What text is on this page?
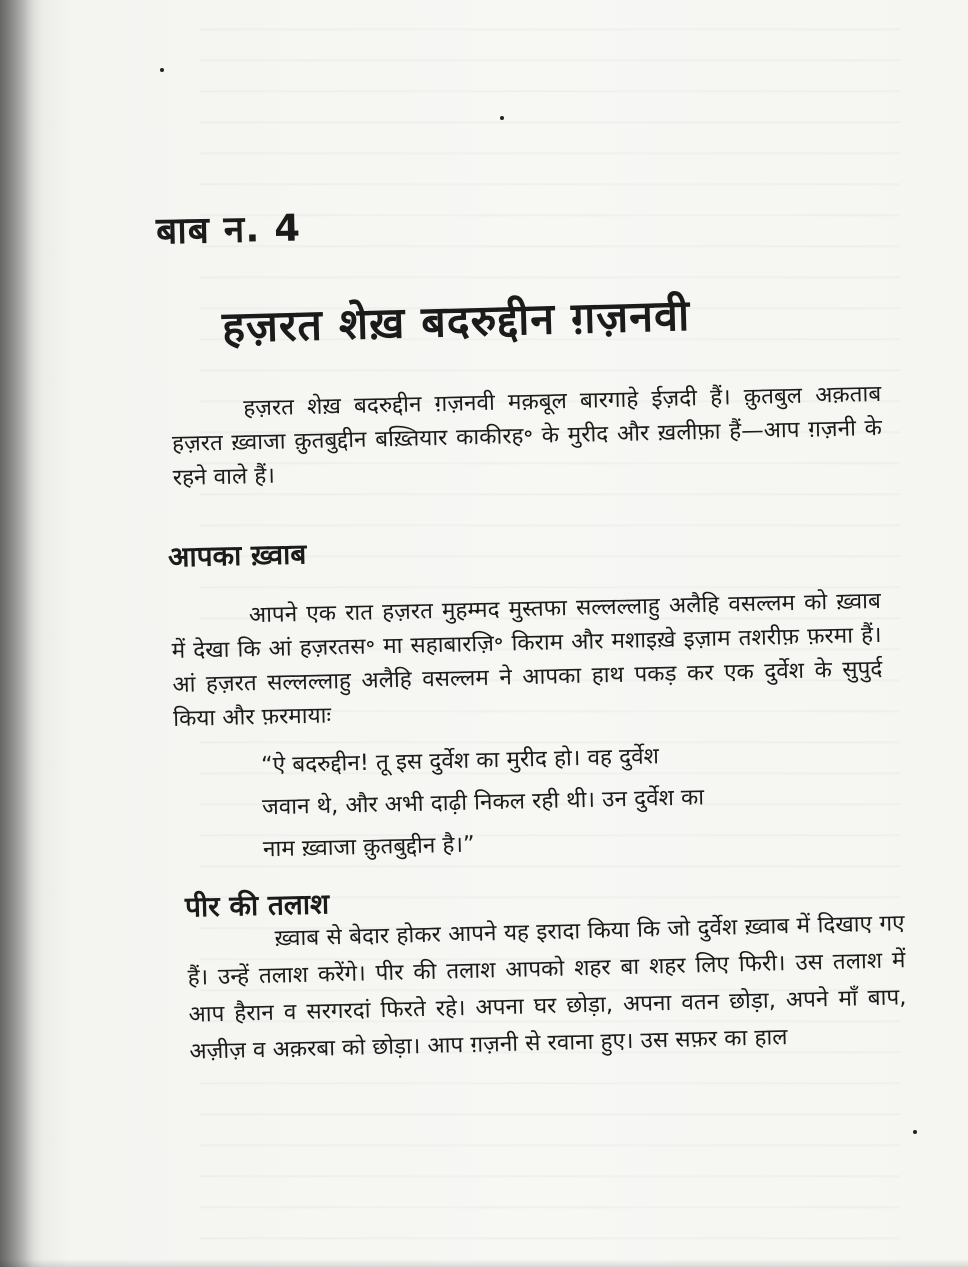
बाब न. 4
हज़रत शेख़ बदरुद्दीन ग़ज़नवी

हज़रत शेख़ बदरुद्दीन ग़ज़नवी मक़बूल बारगाहे ईज़दी हैं। क़ुतबुल अक़ताब हज़रत ख़्वाजा क़ुतबुद्दीन बख़्तियार काकीरह॰ के मुरीद और ख़लीफ़ा हैं—आप ग़ज़नी के रहने वाले हैं।

आपका ख़्वाब

आपने एक रात हज़रत मुहम्मद मुस्तफा सल्लल्लाहु अलैहि वसल्लम को ख़्वाब में देखा कि आं हज़रतस॰ मा सहाबारज़ि॰ किराम और मशाइख़े इज़ाम तशरीफ़ फ़रमा हैं। आं हज़रत सल्लल्लाहु अलैहि वसल्लम ने आपका हाथ पकड़ कर एक दुर्वेश के सुपुर्द किया और फ़रमायाः

“ऐ बदरुद्दीन! तू इस दुर्वेश का मुरीद हो। वह दुर्वेश
जवान थे, और अभी दाढ़ी निकल रही थी। उन दुर्वेश का
नाम ख़्वाजा क़ुतबुद्दीन है।”
पीर की तलाश

ख़्वाब से बेदार होकर आपने यह इरादा किया कि जो दुर्वेश ख़्वाब में दिखाए गए हैं। उन्हें तलाश करेंगे। पीर की तलाश आपको शहर बा शहर लिए फिरी। उस तलाश में आप हैरान व सरगरदां फिरते रहे। अपना घर छोड़ा, अपना वतन छोड़ा, अपने माँ बाप, अज़ीज़ व अक़रबा को छोड़ा। आप ग़ज़नी से रवाना हुए। उस सफ़र का हाल
